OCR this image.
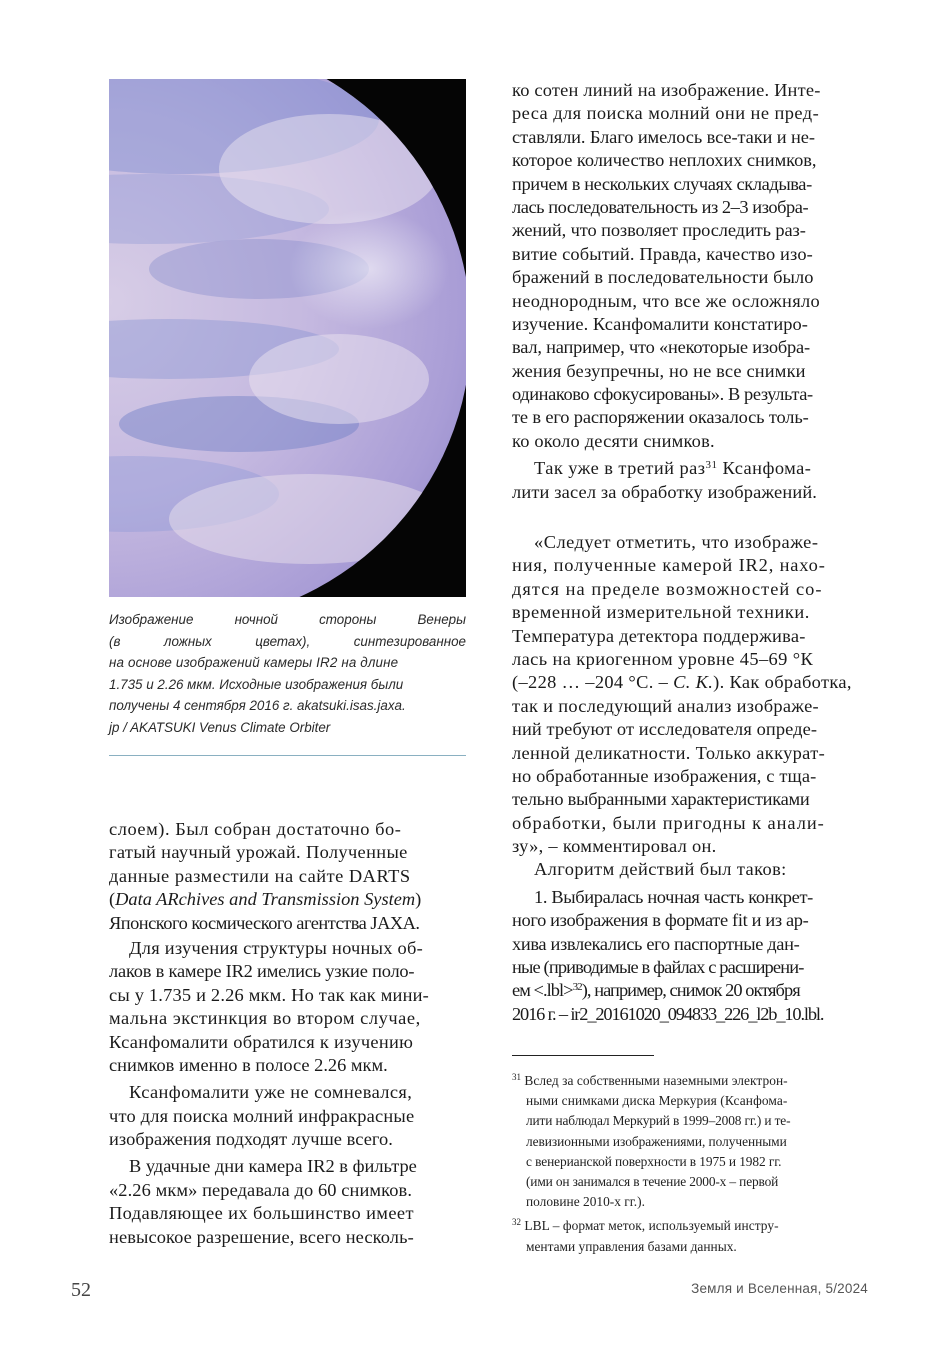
Изображение	ночной	стороны	Венеры
(в	ложных	цветах),	синтезированное
на основе изображений камеры IR2 на длине
1.735 и 2.26 мкм. Исходные изображения были
получены 4 сентября 2016 г. akatsuki.isas.jaxa.
jp / AKATSUKI Venus Climate Orbiter
слоем). Был собран достаточно бо-
гатый научный урожай. Полученные
данные разместили на сайте DARTS
(Data ARchives and Transmission System)
Японского космического агентства JAXA.
Для изучения структуры ночных об-
лаков в камере IR2 имелись узкие поло-
сы у 1.735 и 2.26 мкм. Но так как мини-
мальна экстинкция во втором случае,
Ксанфомалити обратился к изучению
снимков именно в полосе 2.26 мкм.
Ксанфомалити уже не сомневался,
что для поиска молний инфракрасные
изображения подходят лучше всего.
В удачные дни камера IR2 в фильтре
«2.26 мкм» передавала до 60 снимков.
Подавляющее их большинство имеет
невысокое разрешение, всего несколь-
ко сотен линий на изображение. Инте-
реса для поиска молний они не пред-
ставляли. Благо имелось все-таки и не-
которое количество неплохих снимков,
причем в нескольких случаях складыва-
лась последовательность из 2–3 изобра-
жений, что позволяет проследить раз-
витие событий. Правда, качество изо-
бражений в последовательности было
неоднородным, что все же осложняло
изучение. Ксанфомалити констатиро-
вал, например, что «некоторые изобра-
жения безупречны, но не все снимки
одинаково сфокусированы». В результа-
те в его распоряжении оказалось толь-
ко около десяти снимков.
Так уже в третий раз$^{31}$ Ксанфома-
лити засел за обработку изображений.
«Следует отметить, что изображе-
ния, полученные камерой IR2, нахо-
дятся на пределе возможностей со-
временной измерительной техники.
Температура детектора поддержива-
лась на криогенном уровне 45–69 °К
(–228 … –204 °С. – С. К.). Как обработка,
так и последующий анализ изображе-
ний требуют от исследователя опреде-
ленной деликатности. Только аккурат-
но обработанные изображения, с тща-
тельно выбранными характеристиками
обработки, были пригодны к анали-
зу», – комментировал он.
Алгоритм действий был таков:
1. Выбиралась ночная часть конкрет-
ного изображения в формате fit и из ар-
хива извлекались его паспортные дан-
ные (приводимые в файлах с расширени-
ем <.lbl>$^{32}$), например, снимок 20 октября
2016 г. – ir2_20161020_094833_226_l2b_10.lbl.
$^{31}$ Вслед за собственными наземными электрон-
ными снимками диска Меркурия (Ксанфома-
лити наблюдал Меркурий в 1999–2008 гг.) и те-
левизионными изображениями, полученными
с венерианской поверхности в 1975 и 1982 гг.
(ими он занимался в течение 2000-х – первой
половине 2010-х гг.).
$^{32}$ LBL – формат меток, используемый инстру-
ментами управления базами данных.
52	Земля и Вселенная, 5/2024
